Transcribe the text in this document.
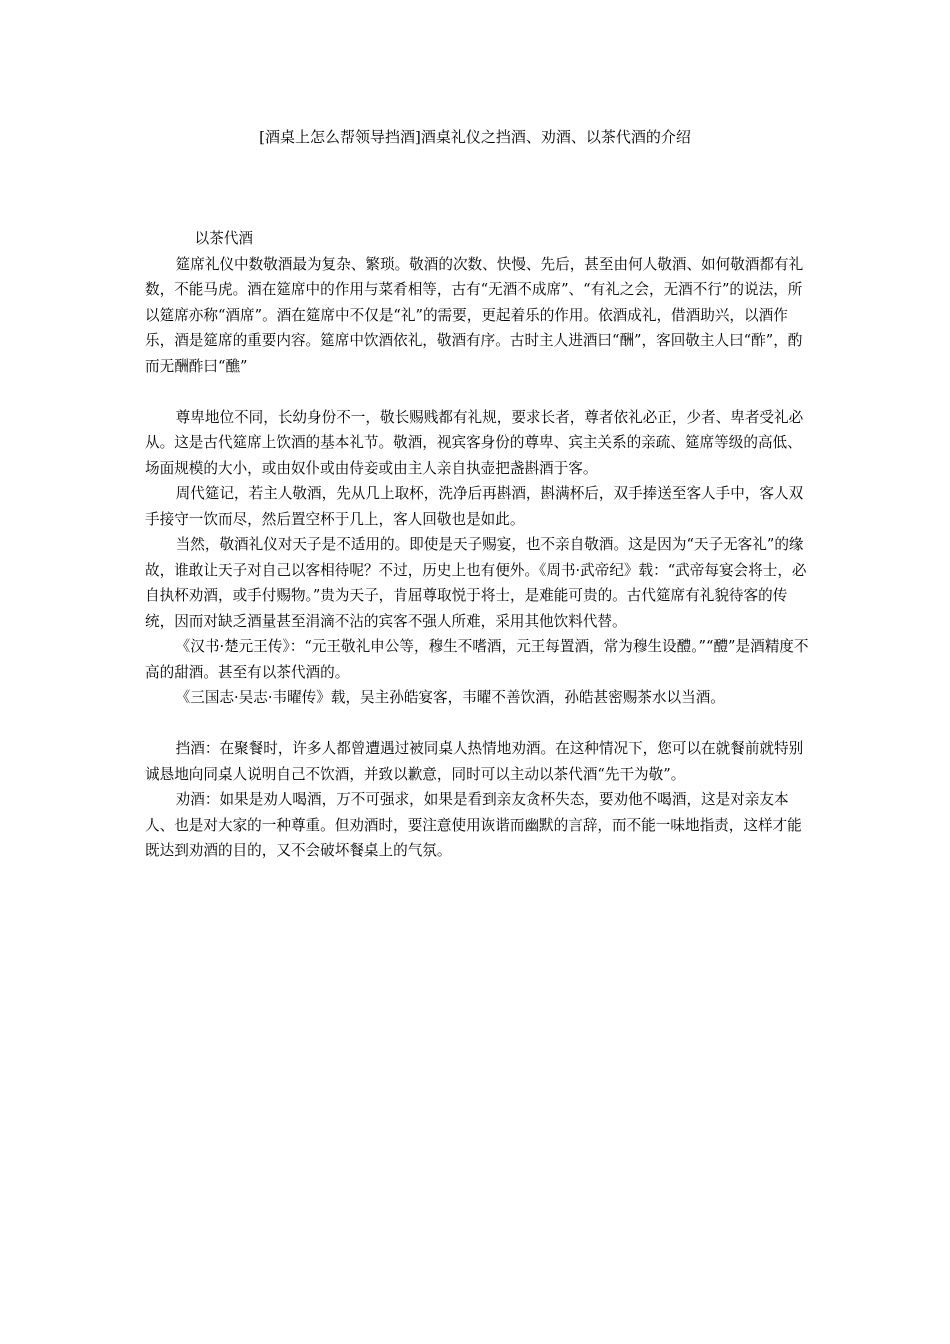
[酒桌上怎么帮领导挡酒]酒桌礼仪之挡酒、劝酒、以茶代酒的介绍

以茶代酒

筵席礼仪中数敬酒最为复杂、繁琐。敬酒的次数、快慢、先后，甚至由何人敬酒、如何敬酒都有礼数，不能马虎。酒在筵席中的作用与菜肴相等，古有“无酒不成席”、“有礼之会，无酒不行”的说法，所以筵席亦称“酒席”。酒在筵席中不仅是“礼”的需要，更起着乐的作用。依酒成礼，借酒助兴，以酒作乐，酒是筵席的重要内容。筵席中饮酒依礼，敬酒有序。古时主人进酒曰“酬”，客回敬主人曰“酢”，酌而无酬酢曰“醮”

尊卑地位不同，长幼身份不一，敬长赐贱都有礼规，要求长者，尊者依礼必正，少者、卑者受礼必从。这是古代筵席上饮酒的基本礼节。敬酒，视宾客身份的尊卑、宾主关系的亲疏、筵席等级的高低、场面规模的大小，或由奴仆或由侍妾或由主人亲自执壶把盏斟酒于客。

周代筵记，若主人敬酒，先从几上取杯，洗净后再斟酒，斟满杯后，双手捧送至客人手中，客人双手接守一饮而尽，然后置空杯于几上，客人回敬也是如此。

当然，敬酒礼仪对天子是不适用的。即使是天子赐宴，也不亲自敬酒。这是因为“天子无客礼”的缘故，谁敢让天子对自己以客相待呢？不过，历史上也有便外。《周书·武帝纪》载：“武帝每宴会将士，必自执杯劝酒，或手付赐物。”贵为天子，肯屈尊取悦于将士，是难能可贵的。古代筵席有礼貌待客的传统，因而对缺乏酒量甚至涓滴不沾的宾客不强人所难，采用其他饮料代替。

《汉书·楚元王传》：“元王敬礼申公等，穆生不嗜酒，元王每置酒，常为穆生设醴。”“醴”是酒精度不高的甜酒。甚至有以茶代酒的。

《三国志·吴志·韦曜传》载，吴主孙皓宴客，韦曜不善饮酒，孙皓甚密赐茶水以当酒。

挡酒：在聚餐时，许多人都曾遭遇过被同桌人热情地劝酒。在这种情况下，您可以在就餐前就特别诚恳地向同桌人说明自己不饮酒，并致以歉意，同时可以主动以茶代酒“先干为敬”。

劝酒：如果是劝人喝酒，万不可强求，如果是看到亲友贪杯失态，要劝他不喝酒，这是对亲友本人、也是对大家的一种尊重。但劝酒时，要注意使用诙谐而幽默的言辞，而不能一味地指责，这样才能既达到劝酒的目的，又不会破坏餐桌上的气氛。
